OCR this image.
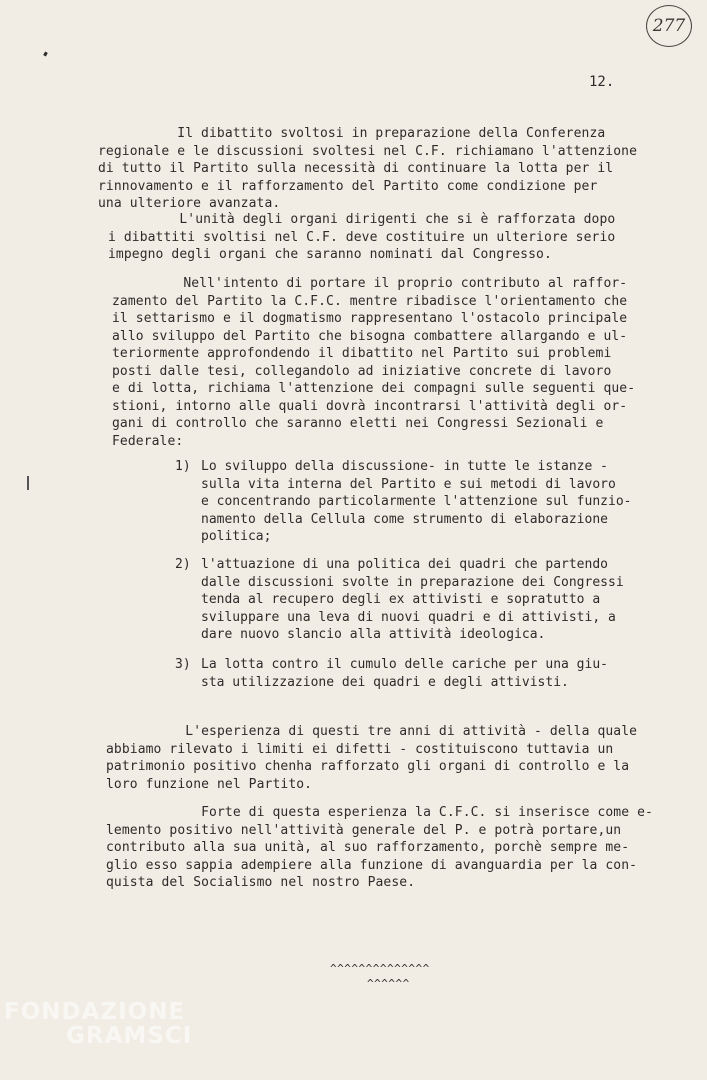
277
12.
Il dibattito svoltosi in preparazione della Conferenza
regionale e le discussioni svoltesi nel C.F. richiamano l'attenzione
di tutto il Partito sulla necessità di continuare la lotta per il
rinnovamento e il rafforzamento del Partito come condizione per
una ulteriore avanzata.
L'unità degli organi dirigenti che si è rafforzata dopo
i dibattiti svoltisi nel C.F. deve costituire un ulteriore serio
impegno degli organi che saranno nominati dal Congresso.
Nell'intento di portare il proprio contributo al raffor-
zamento del Partito la C.F.C. mentre ribadisce l'orientamento che
il settarismo e il dogmatismo rappresentano l'ostacolo principale
allo sviluppo del Partito che bisogna combattere allargando e ul-
teriormente approfondendo il dibattito nel Partito sui problemi
posti dalle tesi, collegandolo ad iniziative concrete di lavoro
e di lotta, richiama l'attenzione dei compagni sulle seguenti que-
stioni, intorno alle quali dovrà incontrarsi l'attività degli or-
gani di controllo che saranno eletti nei Congressi Sezionali e
Federale:

1)

Lo sviluppo della discussione- in tutte le istanze -
sulla vita interna del Partito e sui metodi di lavoro
e concentrando particolarmente l'attenzione sul funzio-
namento della Cellula come strumento di elaborazione
politica;

2)

l'attuazione di una politica dei quadri che partendo
dalle discussioni svolte in preparazione dei Congressi
tenda al recupero degli ex attivisti e sopratutto a
sviluppare una leva di nuovi quadri e di attivisti, a
dare nuovo slancio alla attività ideologica.

3)

La lotta contro il cumulo delle cariche per una giu-
sta utilizzazione dei quadri e degli attivisti.

L'esperienza di questi tre anni di attività - della quale
abbiamo rilevato i limiti ei difetti - costituiscono tuttavia un
patrimonio positivo chenha rafforzato gli organi di controllo e la
loro funzione nel Partito.
Forte di questa esperienza la C.F.C. si inserisce come e-
lemento positivo nell'attività generale del P. e potrà portare,un
contributo alla sua unità, al suo rafforzamento, porchè sempre me-
glio esso sappia adempiere alla funzione di avanguardia per la con-
quista del Socialismo nel nostro Paese.
^^^^^^^^^^^^^^
^^^^^^
FONDAZIONE
GRAMSCI
